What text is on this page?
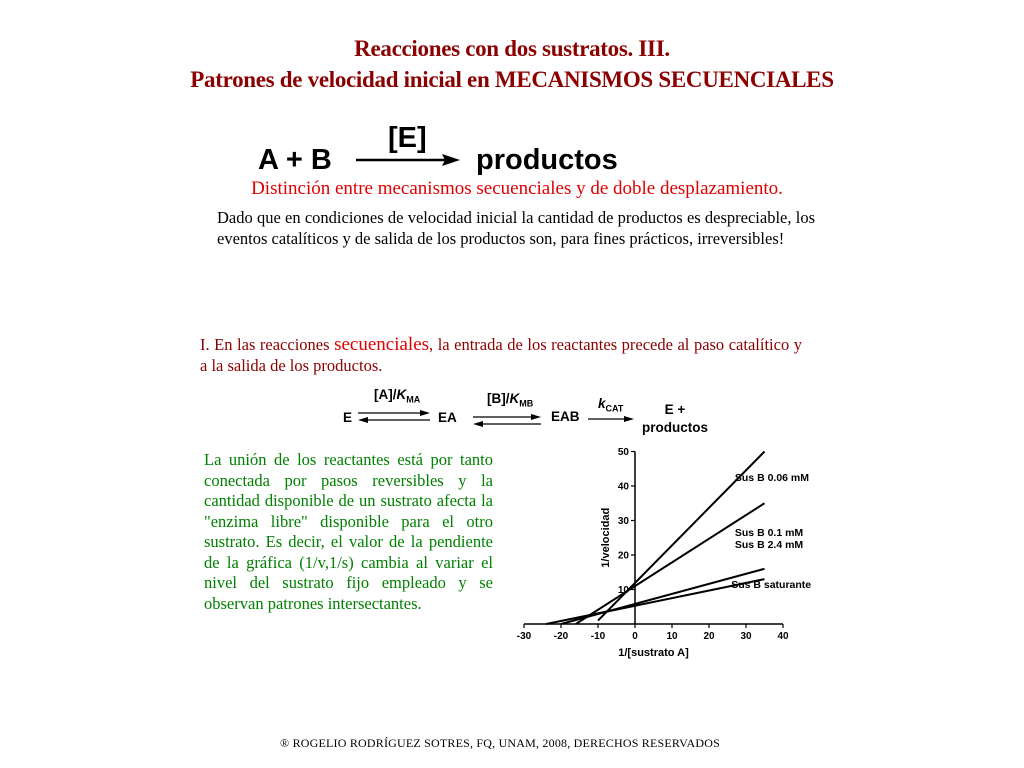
Reacciones con dos sustratos. III.
Patrones de velocidad inicial en MECANISMOS SECUENCIALES
A + B
[E]
productos
Distinción entre mecanismos secuenciales y de doble desplazamiento.
Dado que en condiciones de velocidad inicial la cantidad de productos es despreciable, los eventos catalíticos y de salida de los productos son, para fines prácticos, irreversibles!
I. En las reacciones secuenciales, la entrada de los reactantes precede al paso catalítico y a la salida de los productos.
E
$[A]/K_{MA}$
EA
$[B]/K_{MB}$
EAB
$k_{CAT}$	E +
productos
La unión de los reactantes está por tanto conectada por pasos reversibles y la cantidad disponible de un sustrato afecta la "enzima libre" disponible para el otro sustrato. Es decir, el valor de la pendiente de la gráfica (1/v,1/s) cambia al variar el nivel del sustrato fijo empleado y se observan patrones intersectantes.
-30 -20 -10	0	10	20	30	40
10
20
30
40
50
1/[sustrato A]
1/velocidad
Sus B 0.06 mM
Sus B 0.1 mM
Sus B 2.4 mM
Sus B saturante
® ROGELIO RODRÍGUEZ SOTRES, FQ, UNAM, 2008, DERECHOS RESERVADOS
